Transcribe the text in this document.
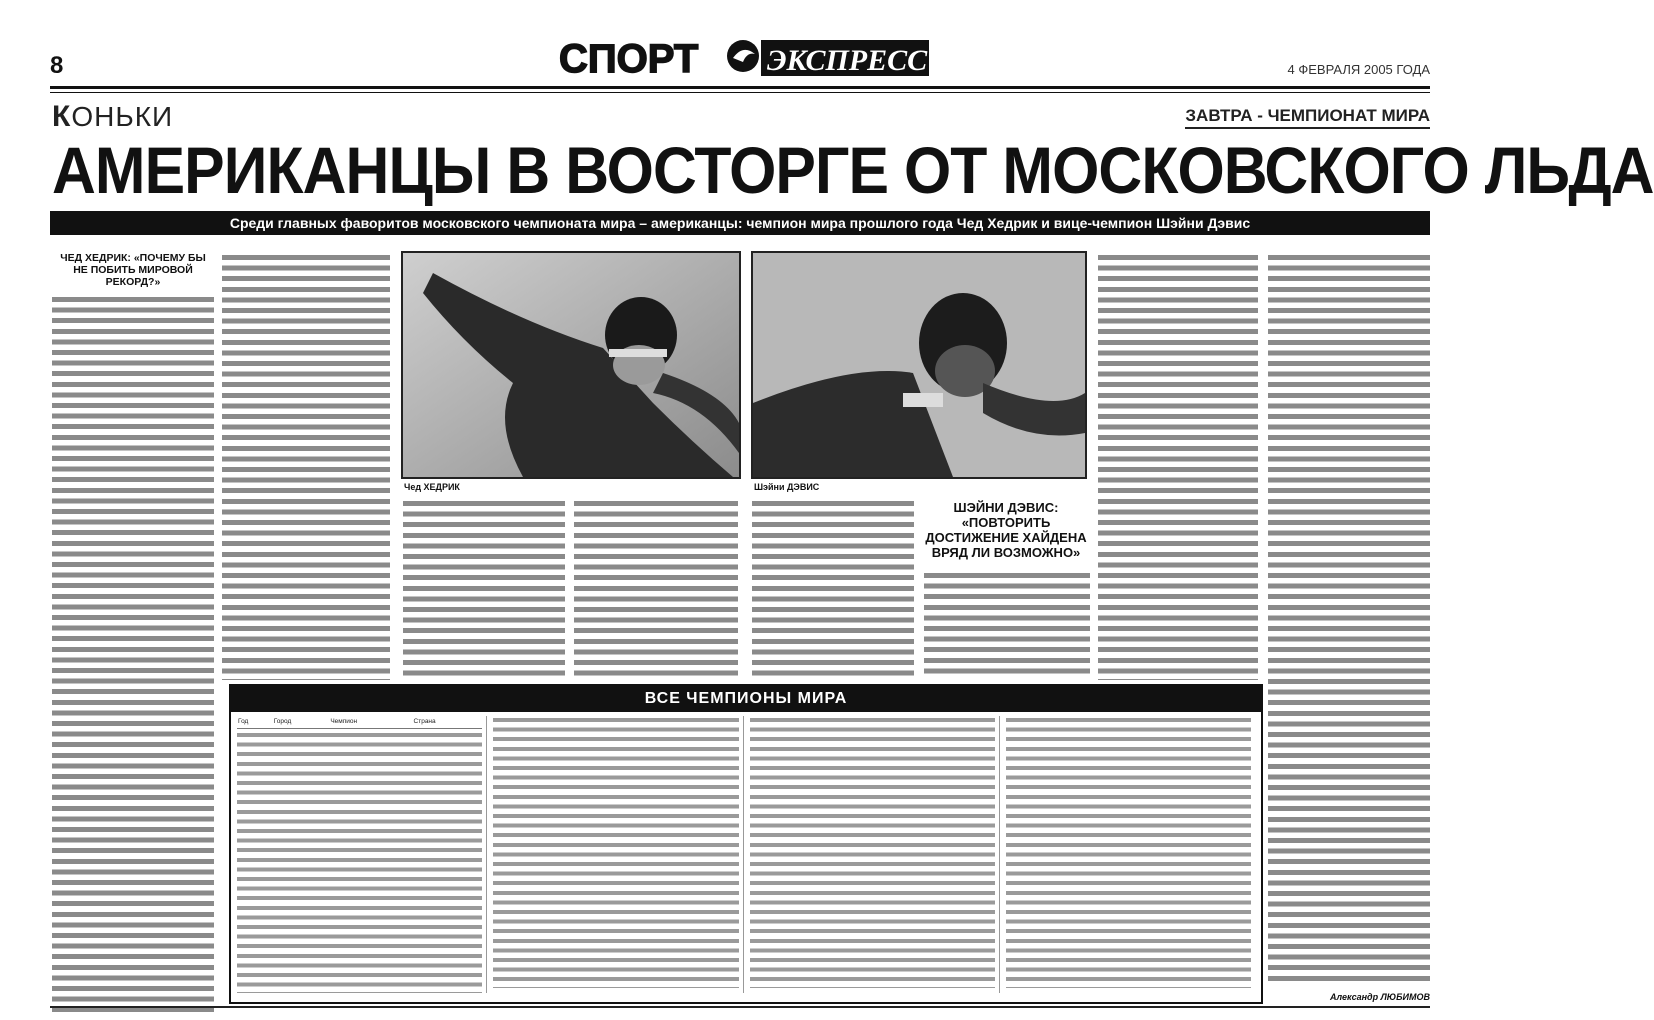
8	СПОРТ ЭКСПРЕСС	4 ФЕВРАЛЯ 2005 ГОДА
КОНЬКИ	ЗАВТРА - ЧЕМПИОНАТ МИРА
АМЕРИКАНЦЫ В ВОСТОРГЕ ОТ МОСКОВСКОГО ЛЬДА
Среди главных фаворитов московского чемпионата мира – американцы: чемпион мира прошлого года Чед Хедрик и вице-чемпион Шэйни Дэвис
ЧЕД ХЕДРИК: «ПОЧЕМУ БЫ НЕ ПОБИТЬ МИРОВОЙ РЕКОРД?»
Чед ХЕДРИК	Шэйни ДЭВИС
ШЭЙНИ ДЭВИС: «ПОВТОРИТЬ ДОСТИЖЕНИЕ ХАЙДЕНА ВРЯД ЛИ ВОЗМОЖНО»
ВСЕ ЧЕМПИОНЫ МИРА
Год	Город	Чемпион	Страна
Александр ЛЮБИМОВ
